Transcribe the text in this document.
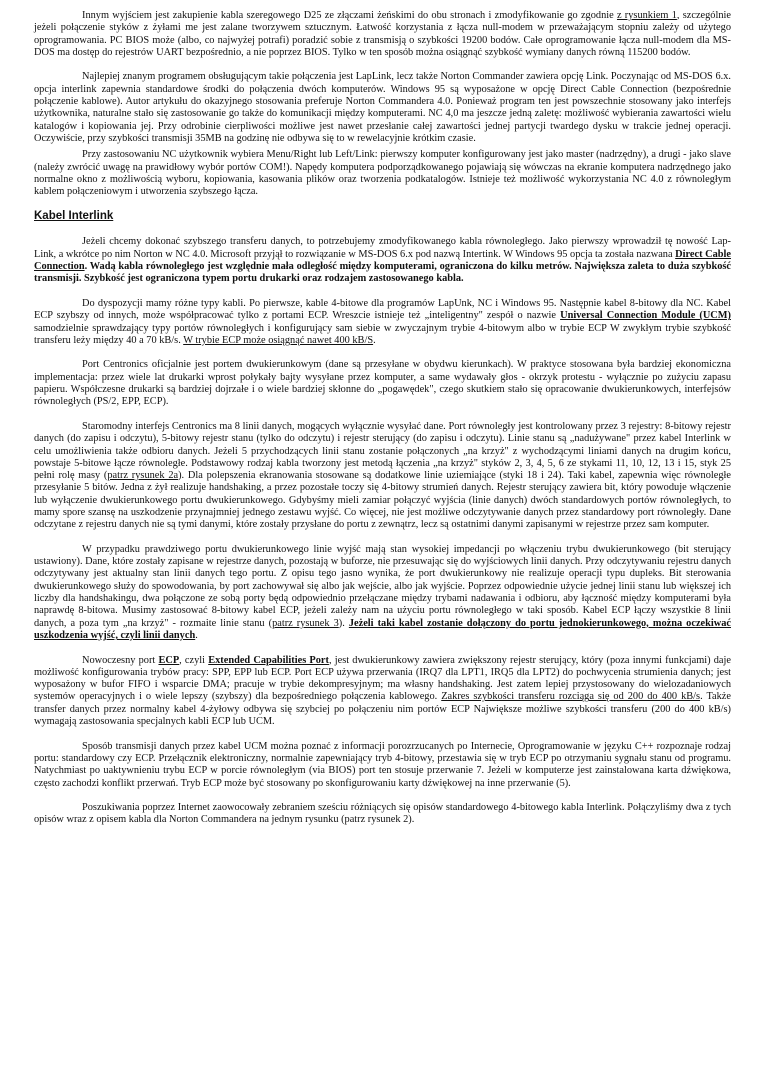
Innym wyjściem jest zakupienie kabla szeregowego D25 ze złączami żeńskimi do obu stronach i zmodyfikowanie go zgodnie z rysunkiem 1, szczególnie jeżeli połączenie styków z żyłami me jest zalane tworzywem sztucznym. Łatwość korzystania z łącza null-modem w przeważającym stopniu zależy od użytego oprogramowania. PC BIOS może (albo, co najwyżej potrafi) poradzić sobie z transmisją o szybkości 19200 bodów. Całe oprogramowanie łącza null-modem dla MS-DOS ma dostęp do rejestrów UART bezpośrednio, a nie poprzez BIOS. Tylko w ten sposób można osiągnąć szybkość wymiany danych równą 115200 bodów.

Najlepiej znanym programem obsługującym takie połączenia jest LapLink, lecz także Norton Commander zawiera opcję Link. Poczynając od MS-DOS 6.x. opcja interlink zapewnia standardowe środki do połączenia dwóch komputerów. Windows 95 są wyposażone w opcję Direct Cable Connection (bezpośrednie połączenie kablowe). Autor artykułu do okazyjnego stosowania preferuje Norton Commandera 4.0. Ponieważ program ten jest powszechnie stosowany jako interfejs użytkownika, naturalne stało się zastosowanie go także do komunikacji między komputerami. NC 4,0 ma jeszcze jedną zaletę: możliwość wybierania zawartości wielu katalogów i kopiowania jej. Przy odrobinie cierpliwości możliwe jest nawet przesłanie całej zawartości jednej partycji twardego dysku w trakcie jednej operacji. Oczywiście, przy szybkości transmisji 35MB na godzinę nie odbywa się to w rewelacyjnie krótkim czasie.

Przy zastosowaniu NC użytkownik wybiera Menu/Right lub Left/Link: pierwszy komputer konfigurowany jest jako master (nadrzędny), a drugi - jako slave (należy zwrócić uwagę na prawidłowy wybór portów COM!). Napędy komputera podporządkowanego pojawiają się wówczas na ekranie komputera nadrzędnego jako normalne okno z możliwością wyboru, kopiowania, kasowania plików oraz tworzenia podkatalogów. Istnieje też możliwość wykorzystania NC 4.0 z równoległym kablem połączeniowym i utworzenia szybszego łącza.

Kabel Interlink

Jeżeli chcemy dokonać szybszego transferu danych, to potrzebujemy zmodyfikowanego kabla równoległego. Jako pierwszy wprowadził tę nowość Lap-Link, a wkrótce po nim Norton w NC 4.0. Microsoft przyjął to rozwiązanie w MS-DOS 6.x pod nazwą Intertink. W Windows 95 opcja ta została nazwana Direct Cable Connection. Wadą kabla równoległego jest względnie mała odległość między komputerami, ograniczona do kilku metrów. Największa zaleta to duża szybkość transmisji. Szybkość jest ograniczona typem portu drukarki oraz rodzajem zastosowanego kabla.

Do dyspozycji mamy różne typy kabli. Po pierwsze, kable 4-bitowe dla programów LapUnk, NC i Windows 95. Następnie kabel 8-bitowy dla NC. Kabel ECP szybszy od innych, może współpracować tylko z portami ECP. Wreszcie istnieje też „inteligentny" zespół o nazwie Universal Connection Module (UCM) samodzielnie sprawdzający typy portów równoległych i konfigurujący sam siebie w zwyczajnym trybie 4-bitowym albo w trybie ECP W zwykłym trybie szybkość transferu leży między 40 a 70 kB/s. W trybie ECP może osiągnąć nawet 400 kB/S.

Port Centronics oficjalnie jest portem dwukierunkowym (dane są przesyłane w obydwu kierunkach). W praktyce stosowana była bardziej ekonomiczna implementacja: przez wiele lat drukarki wprost połykały bajty wysyłane przez komputer, a same wydawały głos - okrzyk protestu - wyłącznie po zużyciu zapasu papieru. Współczesne drukarki są bardziej dojrzałe i o wiele bardziej skłonne do „pogawędek", czego skutkiem stało się opracowanie dwukierunkowych, interfejsów równoległych (PS/2, EPP, ECP).

Staromodny interfejs Centronics ma 8 linii danych, mogących wyłącznie wysyłać dane. Port równoległy jest kontrolowany przez 3 rejestry: 8-bitowy rejestr danych (do zapisu i odczytu), 5-bitowy rejestr stanu (tylko do odczytu) i rejestr sterujący (do zapisu i odczytu). Linie stanu są „nadużywane" przez kabel Interlink w celu umożliwienia także odbioru danych. Jeżeli 5 przychodzących linii stanu zostanie połączonych „na krzyż" z wychodzącymi liniami danych na drugim końcu, powstaje 5-bitowe łącze równoległe. Podstawowy rodzaj kabla tworzony jest metodą łączenia „na krzyż" styków 2, 3, 4, 5, 6 ze stykami 11, 10, 12, 13 i 15, styk 25 pełni rolę masy (patrz rysunek 2a). Dla polepszenia ekranowania stosowane są dodatkowe linie uziemiające (styki 18 i 24). Taki kabel, zapewnia więc równoległe przesyłanie 5 bitów. Jedna z żył realizuje handshaking, a przez pozostałe toczy się 4-bitowy strumień danych. Rejestr sterujący zawiera bit, który powoduje włączenie lub wyłączenie dwukierunkowego portu dwukierunkowego. Gdybyśmy mieli zamiar połączyć wyjścia (linie danych) dwóch standardowych portów równoległych, to mamy spore szansę na uszkodzenie przynajmniej jednego zestawu wyjść. Co więcej, nie jest możliwe odczytywanie danych przez standardowy port równoległy. Dane odczytane z rejestru danych nie są tymi danymi, które zostały przysłane do portu z zewnątrz, lecz są ostatnimi danymi zapisanymi w rejestrze przez sam komputer.

W przypadku prawdziwego portu dwukierunkowego linie wyjść mają stan wysokiej impedancji po włączeniu trybu dwukierunkowego (bit sterujący ustawiony). Dane, które zostały zapisane w rejestrze danych, pozostają w buforze, nie przesuwając się do wyjściowych linii danych. Przy odczytywaniu rejestru danych odczytywany jest aktualny stan linii danych tego portu. Z opisu tego jasno wynika, że port dwukierunkowy nie realizuje operacji typu dupleks. Bit sterowania dwukierunkowego służy do spowodowania, by port zachowywał się albo jak wejście, albo jak wyjście. Poprzez odpowiednie użycie jednej linii stanu lub większej ich liczby dla handshakingu, dwa połączone ze sobą porty będą odpowiednio przełączane między trybami nadawania i odbioru, aby łączność między komputerami była naprawdę 8-bitowa. Musimy zastosować 8-bitowy kabel ECP, jeżeli zależy nam na użyciu portu równoległego w taki sposób. Kabel ECP łączy wszystkie 8 linii danych, a poza tym „na krzyż" - rozmaite linie stanu (patrz rysunek 3). Jeżeli taki kabel zostanie dołączony do portu jednokierunkowego, można oczekiwać uszkodzenia wyjść, czyli linii danych.

Nowoczesny port ECP, czyli Extended Capabilities Port, jest dwukierunkowy zawiera zwiększony rejestr sterujący, który (poza innymi funkcjami) daje możliwość konfigurowania trybów pracy: SPP, EPP lub ECP. Port ECP używa przerwania (IRQ7 dla LPT1, IRQ5 dla LPT2) do pochwycenia strumienia danych; jest wyposażony w bufor FIFO i wsparcie DMA; pracuje w trybie dekompresyjnym; ma własny handshaking. Jest zatem lepiej przystosowany do wielozadaniowych systemów operacyjnych i o wiele lepszy (szybszy) dla bezpośredniego połączenia kablowego. Zakres szybkości transferu rozciąga się od 200 do 400 kB/s. Także transfer danych przez normalny kabel 4-żyłowy odbywa się szybciej po połączeniu nim portów ECP Największe możliwe szybkości transferu (200 do 400 kB/s) wymagają zastosowania specjalnych kabli ECP lub UCM.

Sposób transmisji danych przez kabel UCM można poznać z informacji porozrzucanych po Internecie, Oprogramowanie w języku C++ rozpoznaje rodzaj portu: standardowy czy ECP. Przełącznik elektroniczny, normalnie zapewniający tryb 4-bitowy, przestawia się w tryb ECP po otrzymaniu sygnału stanu od programu. Natychmiast po uaktywnieniu trybu ECP w porcie równoległym (via BIOS) port ten stosuje przerwanie 7. Jeżeli w komputerze jest zainstalowana karta dźwiękowa, często zachodzi konflikt przerwań. Tryb ECP może być stosowany po skonfigurowaniu karty dźwiękowej na inne przerwanie (5).

Poszukiwania poprzez Internet zaowocowały zebraniem sześciu różniących się opisów standardowego 4-bitowego kabla Interlink. Połączyliśmy dwa z tych opisów wraz z opisem kabla dla Norton Commandera na jednym rysunku (patrz rysunek 2).
